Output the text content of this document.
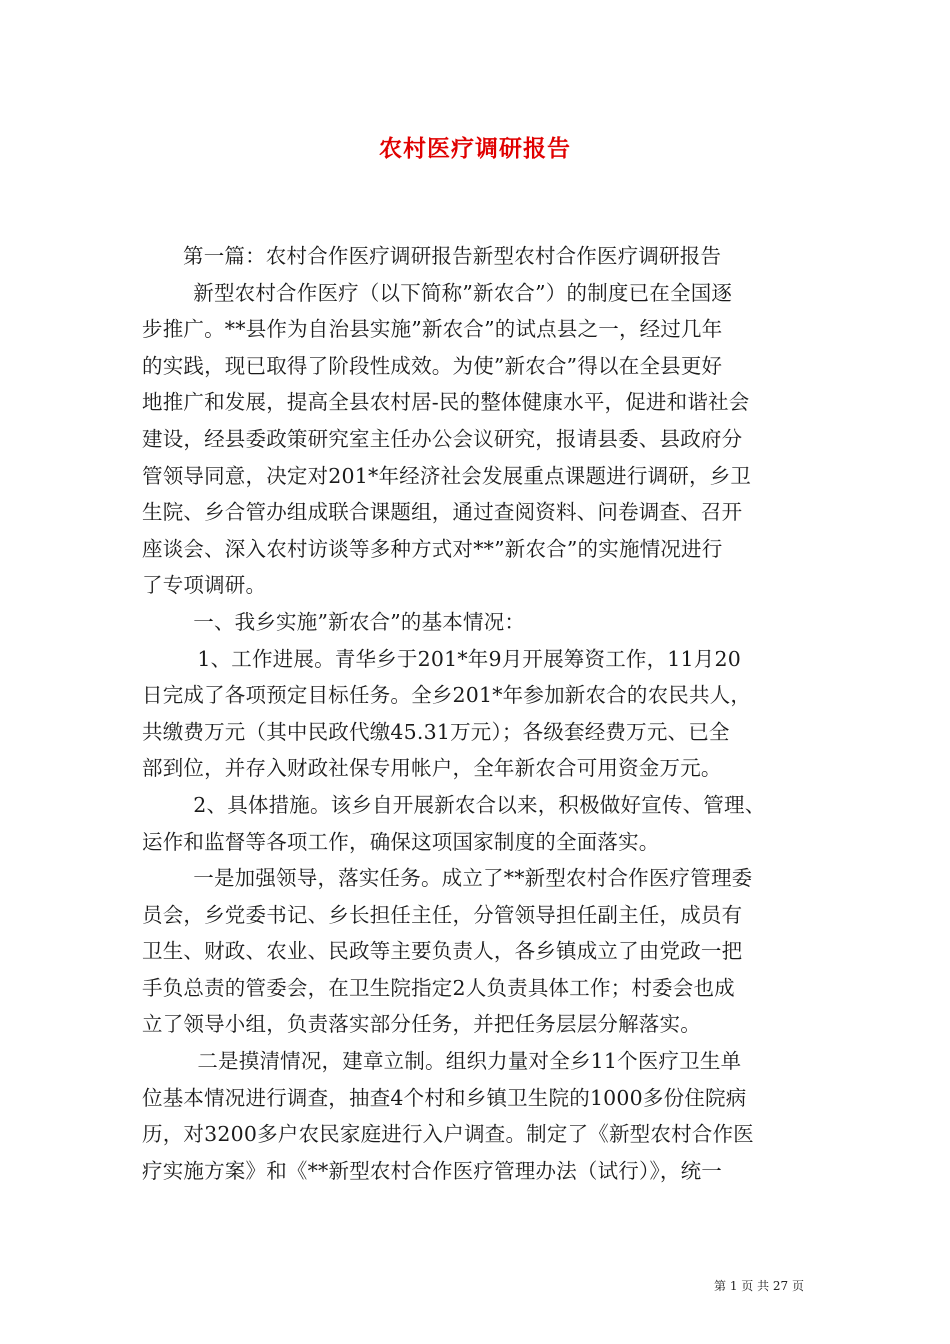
农村医疗调研报告
第一篇：农村合作医疗调研报告新型农村合作医疗调研报告
新型农村合作医疗（以下简称”新农合”）的制度已在全国逐
步推广。**县作为自治县实施”新农合”的试点县之一，经过几年
的实践，现已取得了阶段性成效。为使”新农合”得以在全县更好
地推广和发展，提高全县农村居-民的整体健康水平，促进和谐社会
建设，经县委政策研究室主任办公会议研究，报请县委、县政府分
管领导同意，决定对201*年经济社会发展重点课题进行调研，乡卫
生院、乡合管办组成联合课题组，通过查阅资料、问卷调查、召开
座谈会、深入农村访谈等多种方式对**”新农合”的实施情况进行
了专项调研。
一、我乡实施”新农合”的基本情况：
1、工作进展。青华乡于201*年9月开展筹资工作，11月20
日完成了各项预定目标任务。全乡201*年参加新农合的农民共人，
共缴费万元（其中民政代缴45.31万元）；各级套经费万元、已全
部到位，并存入财政社保专用帐户，全年新农合可用资金万元。
2、具体措施。该乡自开展新农合以来，积极做好宣传、管理、
运作和监督等各项工作，确保这项国家制度的全面落实。
一是加强领导，落实任务。成立了**新型农村合作医疗管理委
员会，乡党委书记、乡长担任主任，分管领导担任副主任，成员有
卫生、财政、农业、民政等主要负责人，各乡镇成立了由党政一把
手负总责的管委会，在卫生院指定2人负责具体工作；村委会也成
立了领导小组，负责落实部分任务，并把任务层层分解落实。
二是摸清情况，建章立制。组织力量对全乡11个医疗卫生单
位基本情况进行调查，抽查4个村和乡镇卫生院的1000多份住院病
历，对3200多户农民家庭进行入户调查。制定了《新型农村合作医
疗实施方案》和《**新型农村合作医疗管理办法（试行）》，统一
第 1 页 共 27 页
